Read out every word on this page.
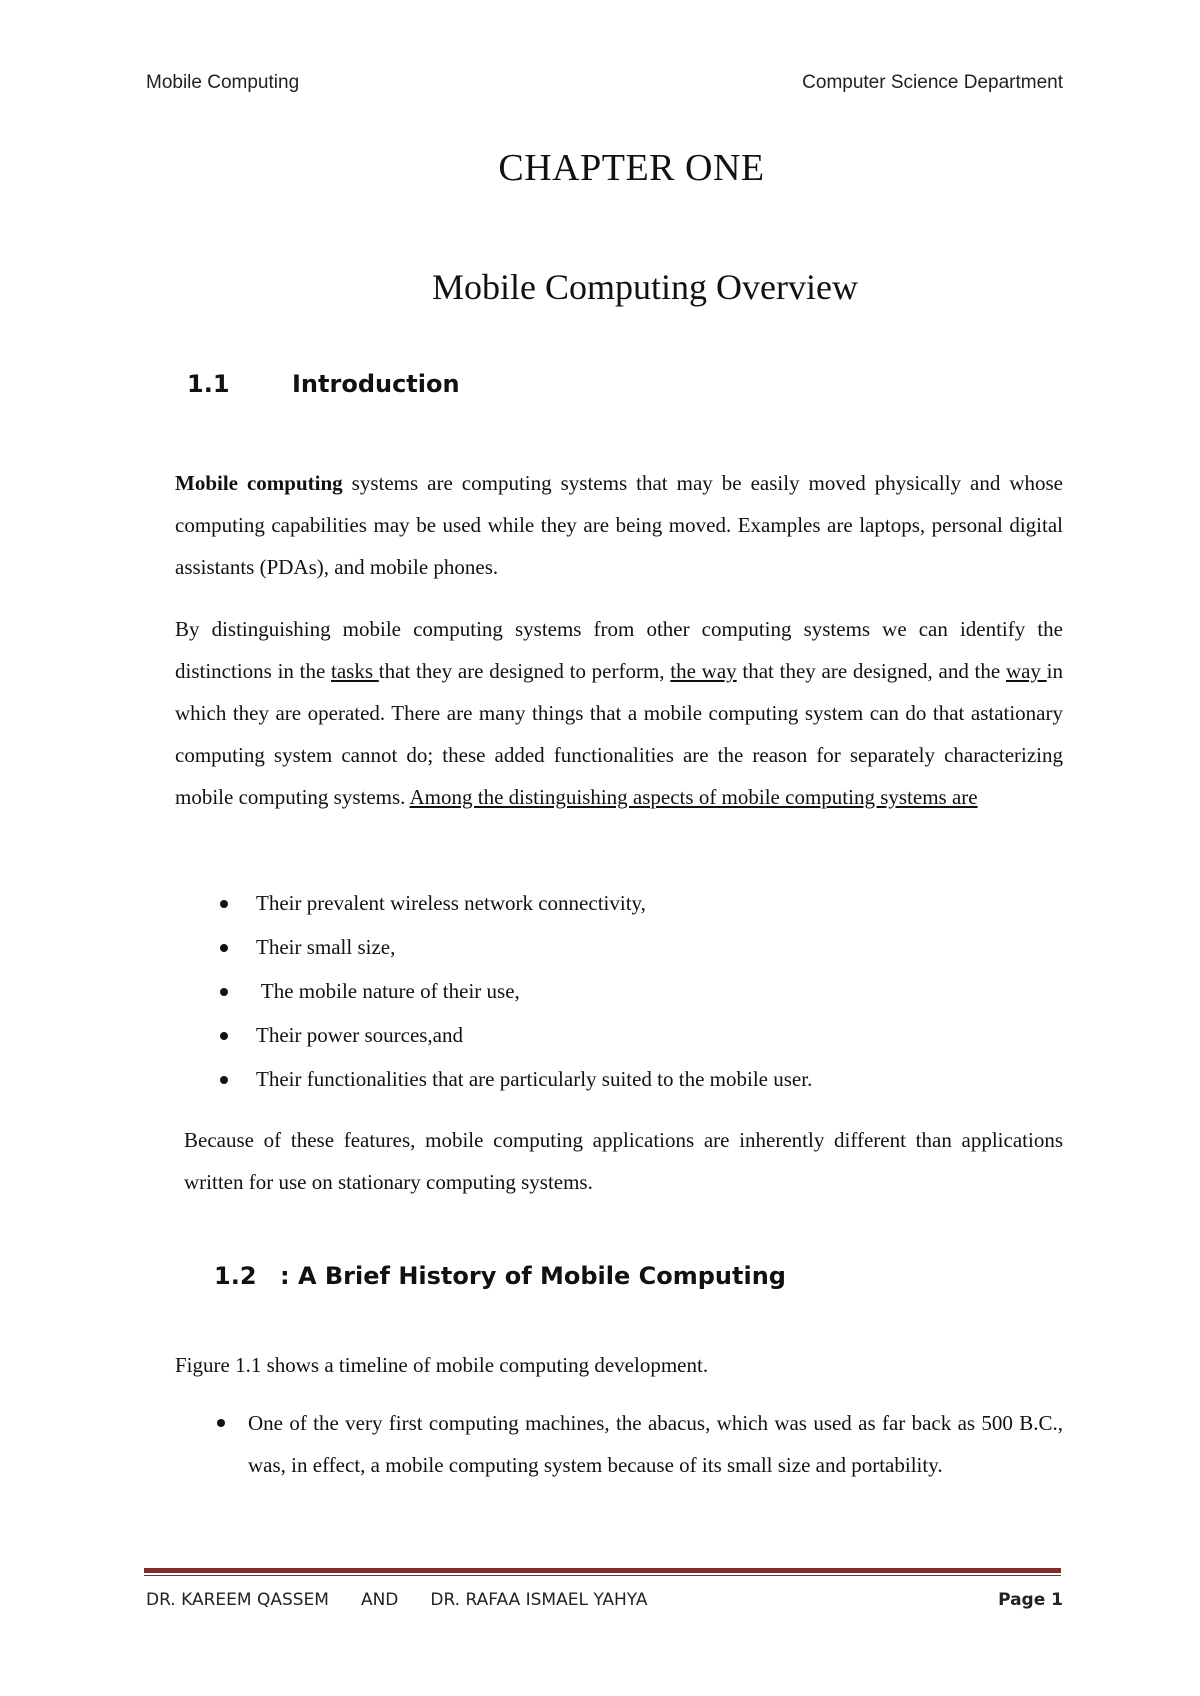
Mobile Computing	Computer Science Department
CHAPTER ONE
Mobile Computing Overview
1.1	Introduction
Mobile computing systems are computing systems that may be easily moved physically and whose computing capabilities may be used while they are being moved. Examples are laptops, personal digital assistants (PDAs), and mobile phones.
By distinguishing mobile computing systems from other computing systems we can identify the distinctions in the tasks that they are designed to perform, the way that they are designed, and the way in which they are operated. There are many things that a mobile computing system can do that astationary computing system cannot do; these added functionalities are the reason for separately characterizing mobile computing systems. Among the distinguishing aspects of mobile computing systems are
Their prevalent wireless network connectivity,
Their small size,
The mobile nature of their use,
Their power sources,and
Their functionalities that are particularly suited to the mobile user.
Because of these features, mobile computing applications are inherently different than applications written for use on stationary computing systems.
1.2 : A Brief History of Mobile Computing
Figure 1.1 shows a timeline of mobile computing development.
One of the very first computing machines, the abacus, which was used as far back as 500 B.C., was, in effect, a mobile computing system because of its small size and portability.
DR. KAREEM QASSEM AND DR. RAFAA ISMAEL YAHYA	Page 1
